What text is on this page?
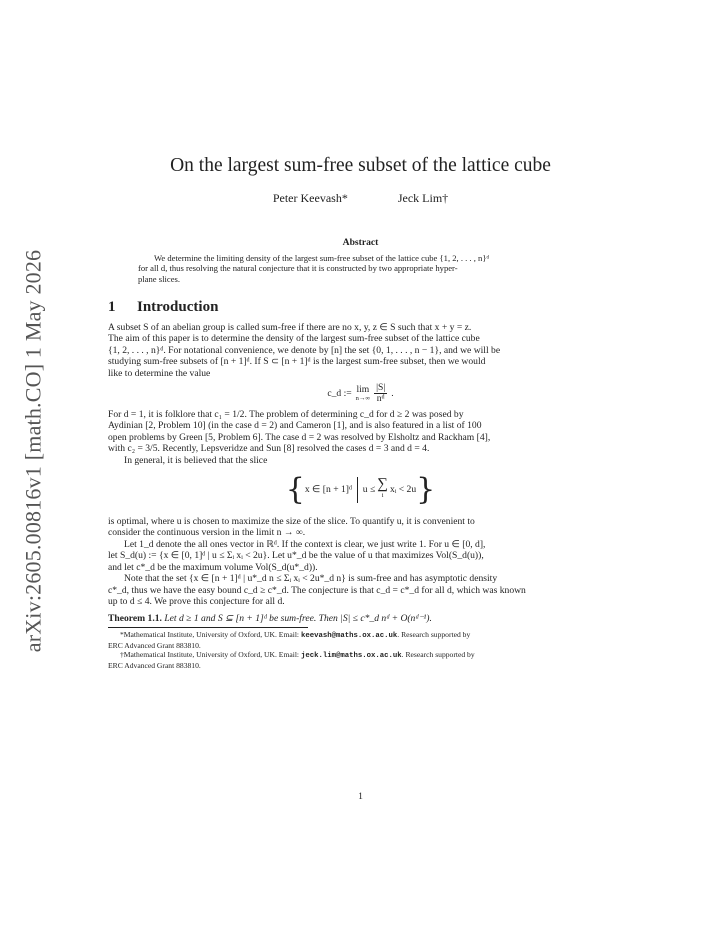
arXiv:2605.00816v1 [math.CO] 1 May 2026
On the largest sum-free subset of the lattice cube
Peter Keevash*	Jeck Lim†
Abstract
We determine the limiting density of the largest sum-free subset of the lattice cube {1, 2, . . . , n}ᵈ
for all d, thus resolving the natural conjecture that it is constructed by two appropriate hyper-
plane slices.
1 Introduction

A subset S of an abelian group is called sum-free if there are no x, y, z ∈ S such that x + y = z.
The aim of this paper is to determine the density of the largest sum-free subset of the lattice cube
{1, 2, . . . , n}ᵈ. For notational convenience, we denote by [n] the set {0, 1, . . . , n − 1}, and we will be
studying sum-free subsets of [n + 1]ᵈ. If S ⊂ [n + 1]ᵈ is the largest sum-free subset, then we would
like to determine the value

c_d := lim
$n\to\infty \frac{|S|}{\text{nᵈ}}$ .

For d = 1, it is folklore that c₁ = 1/2. The problem of determining c_d for d ≥ 2 was posed by
Aydinian [2, Problem 10] (in the case d = 2) and Cameron [1], and is also featured in a list of 100
open problems by Green [5, Problem 6]. The case d = 2 was resolved by Elsholtz and Rackham [4],
with c₂ = 3/5. Recently, Lepsveridze and Sun [8] resolved the cases d = 3 and d = 4.

In general, it is believed that the slice

{ x ∈ [n + 1]ᵈ u ≤ ∑
i
xᵢ < 2u }

is optimal, where u is chosen to maximize the size of the slice. To quantify u, it is convenient to
consider the continuous version in the limit n → ∞.

Let 1_d denote the all ones vector in ℝᵈ. If the context is clear, we just write 1. For u ∈ [0, d],
let S_d(u) := {x ∈ [0, 1]ᵈ | u ≤ Σᵢ xᵢ < 2u}. Let u*_d be the value of u that maximizes Vol(S_d(u)),
and let c*_d be the maximum volume Vol(S_d(u*_d)).

Note that the set {x ∈ [n + 1]ᵈ | u*_d n ≤ Σᵢ xᵢ < 2u*_d n} is sum-free and has asymptotic density
c*_d, thus we have the easy bound c_d ≥ c*_d. The conjecture is that c_d = c*_d for all d, which was known
up to d ≤ 4. We prove this conjecture for all d.

Theorem 1.1. Let d ≥ 1 and S ⊆ [n + 1]ᵈ be sum-free. Then |S| ≤ c*_d nᵈ + O(nᵈ⁻¹).

*Mathematical Institute, University of Oxford, UK. Email: keevash@maths.ox.ac.uk. Research supported by
ERC Advanced Grant 883810.
†Mathematical Institute, University of Oxford, UK. Email: jeck.lim@maths.ox.ac.uk. Research supported by
ERC Advanced Grant 883810.
1
